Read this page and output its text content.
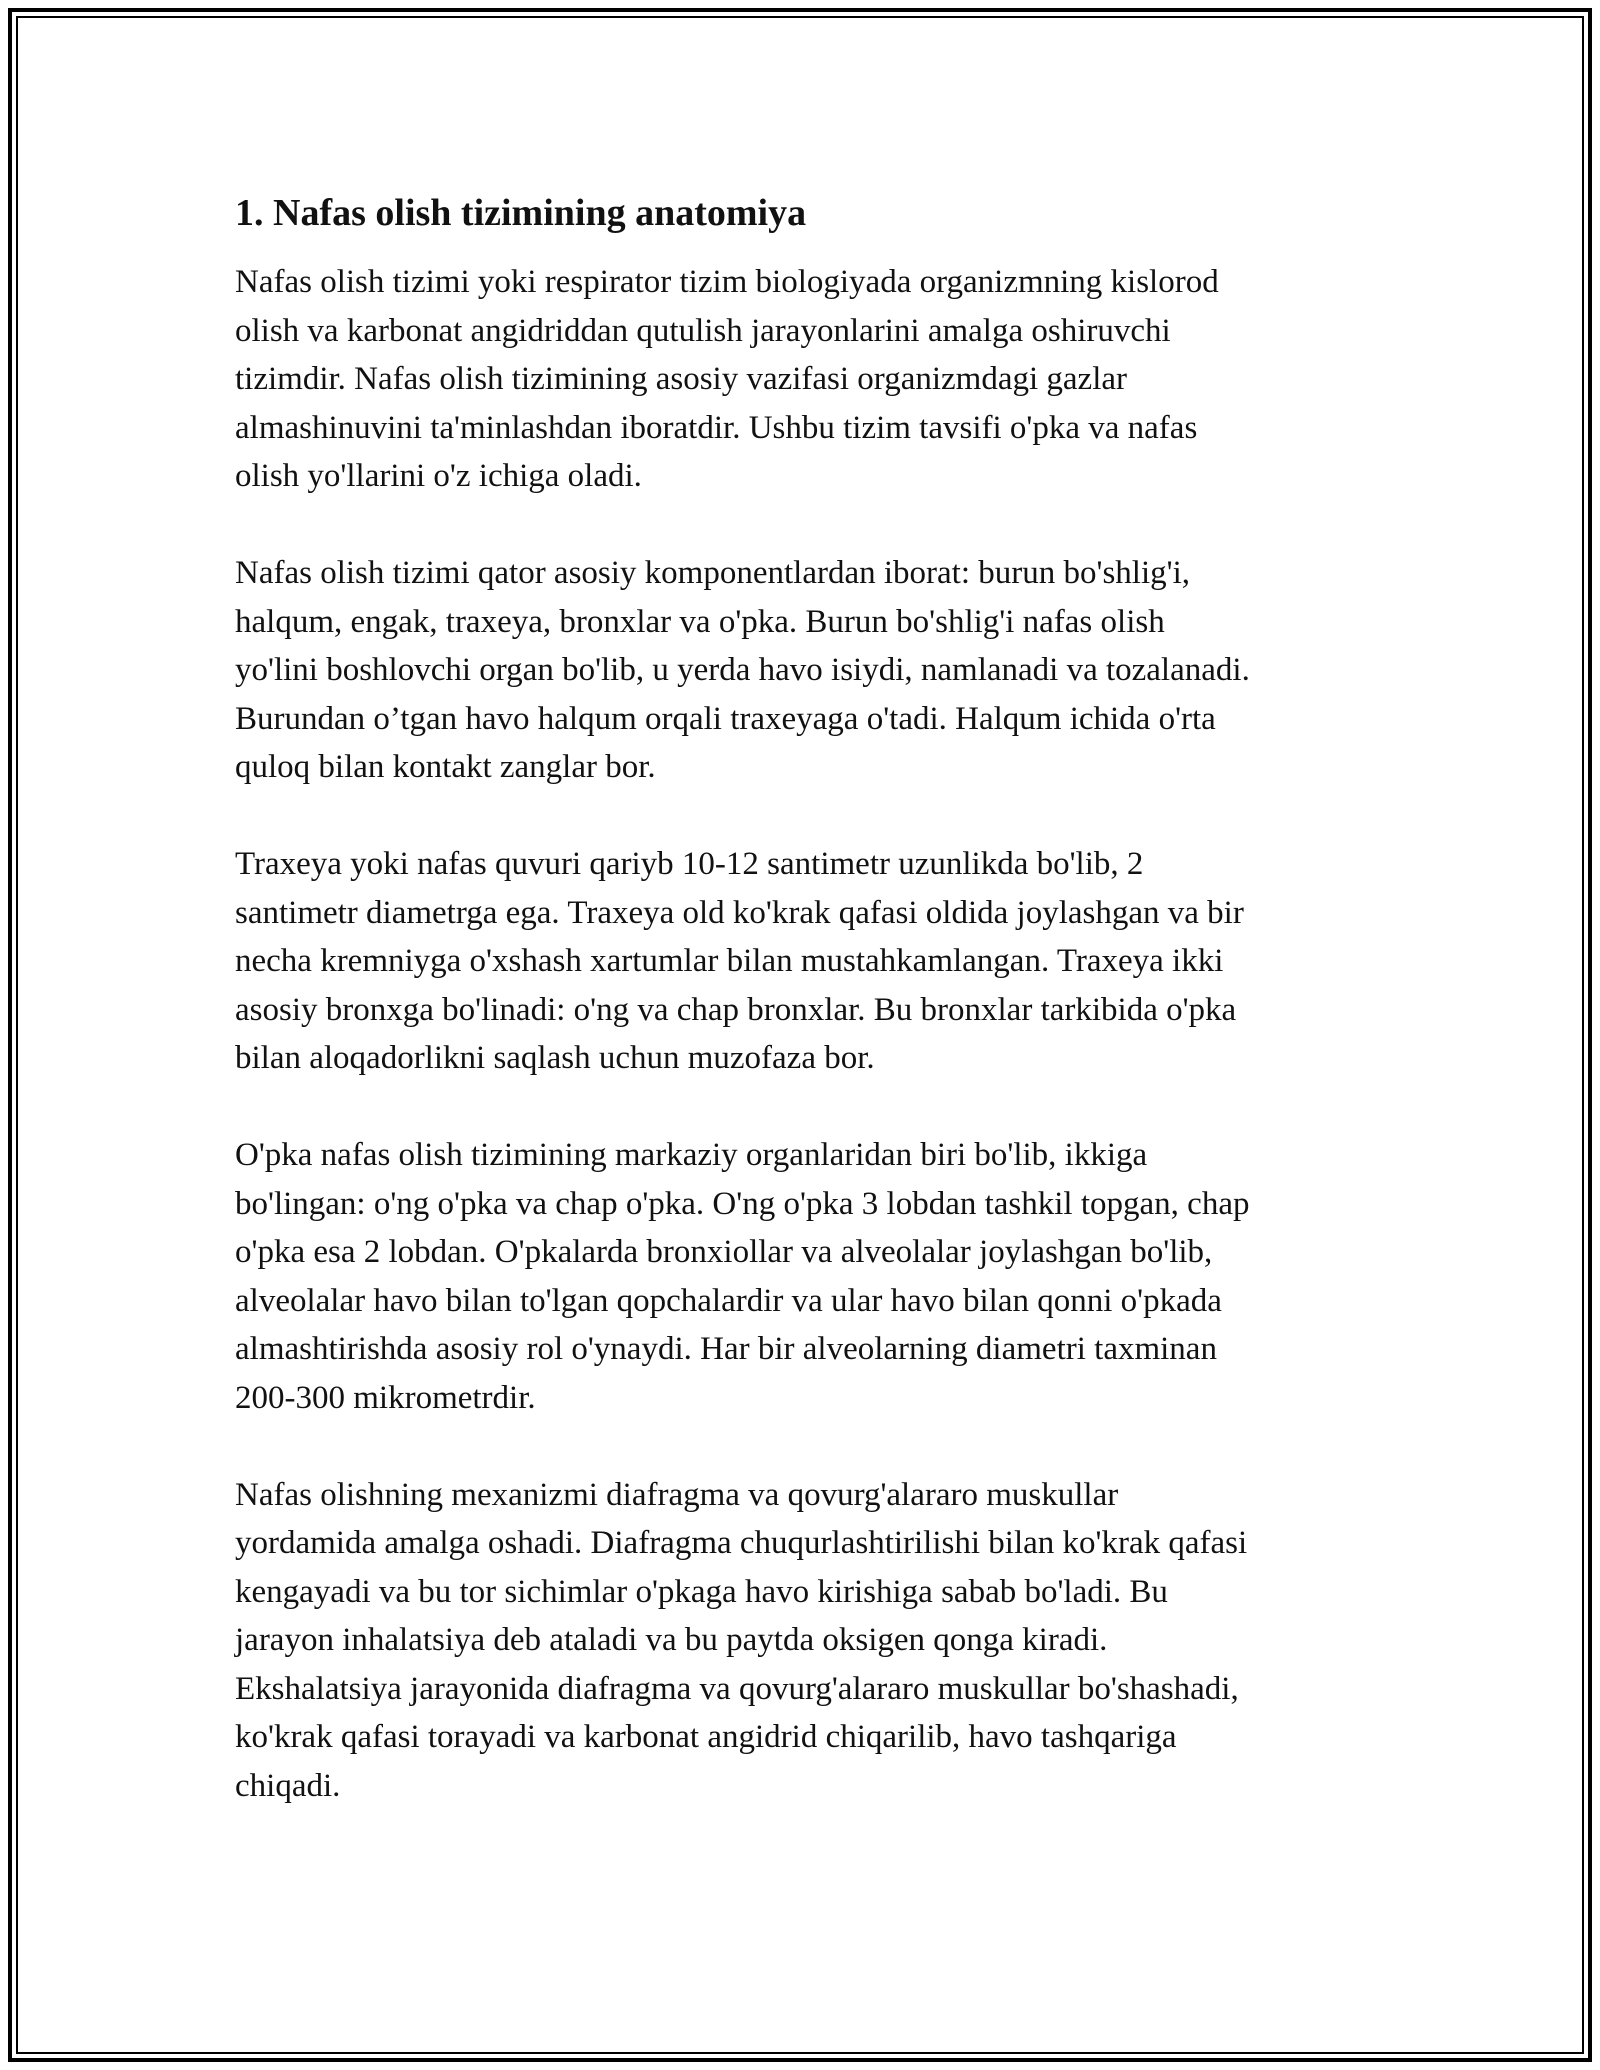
1. Nafas olish tizimining anatomiya

Nafas olish tizimi yoki respirator tizim biologiyada organizmning kislorod
olish va karbonat angidriddan qutulish jarayonlarini amalga oshiruvchi
tizimdir. Nafas olish tizimining asosiy vazifasi organizmdagi gazlar
almashinuvini ta'minlashdan iboratdir. Ushbu tizim tavsifi o'pka va nafas
olish yo'llarini o'z ichiga oladi.

Nafas olish tizimi qator asosiy komponentlardan iborat: burun bo'shlig'i,
halqum, engak, traxeya, bronxlar va o'pka. Burun bo'shlig'i nafas olish
yo'lini boshlovchi organ bo'lib, u yerda havo isiydi, namlanadi va tozalanadi.
Burundan o’tgan havo halqum orqali traxeyaga o'tadi. Halqum ichida o'rta
quloq bilan kontakt zanglar bor.

Traxeya yoki nafas quvuri qariyb 10-12 santimetr uzunlikda bo'lib, 2
santimetr diametrga ega. Traxeya old ko'krak qafasi oldida joylashgan va bir
necha kremniyga o'xshash xartumlar bilan mustahkamlangan. Traxeya ikki
asosiy bronxga bo'linadi: o'ng va chap bronxlar. Bu bronxlar tarkibida o'pka
bilan aloqadorlikni saqlash uchun muzofaza bor.

O'pka nafas olish tizimining markaziy organlaridan biri bo'lib, ikkiga
bo'lingan: o'ng o'pka va chap o'pka. O'ng o'pka 3 lobdan tashkil topgan, chap
o'pka esa 2 lobdan. O'pkalarda bronxiollar va alveolalar joylashgan bo'lib,
alveolalar havo bilan to'lgan qopchalardir va ular havo bilan qonni o'pkada
almashtirishda asosiy rol o'ynaydi. Har bir alveolarning diametri taxminan
200-300 mikrometrdir.

Nafas olishning mexanizmi diafragma va qovurg'alararo muskullar
yordamida amalga oshadi. Diafragma chuqurlashtirilishi bilan ko'krak qafasi
kengayadi va bu tor sichimlar o'pkaga havo kirishiga sabab bo'ladi. Bu
jarayon inhalatsiya deb ataladi va bu paytda oksigen qonga kiradi.
Ekshalatsiya jarayonida diafragma va qovurg'alararo muskullar bo'shashadi,
ko'krak qafasi torayadi va karbonat angidrid chiqarilib, havo tashqariga
chiqadi.
